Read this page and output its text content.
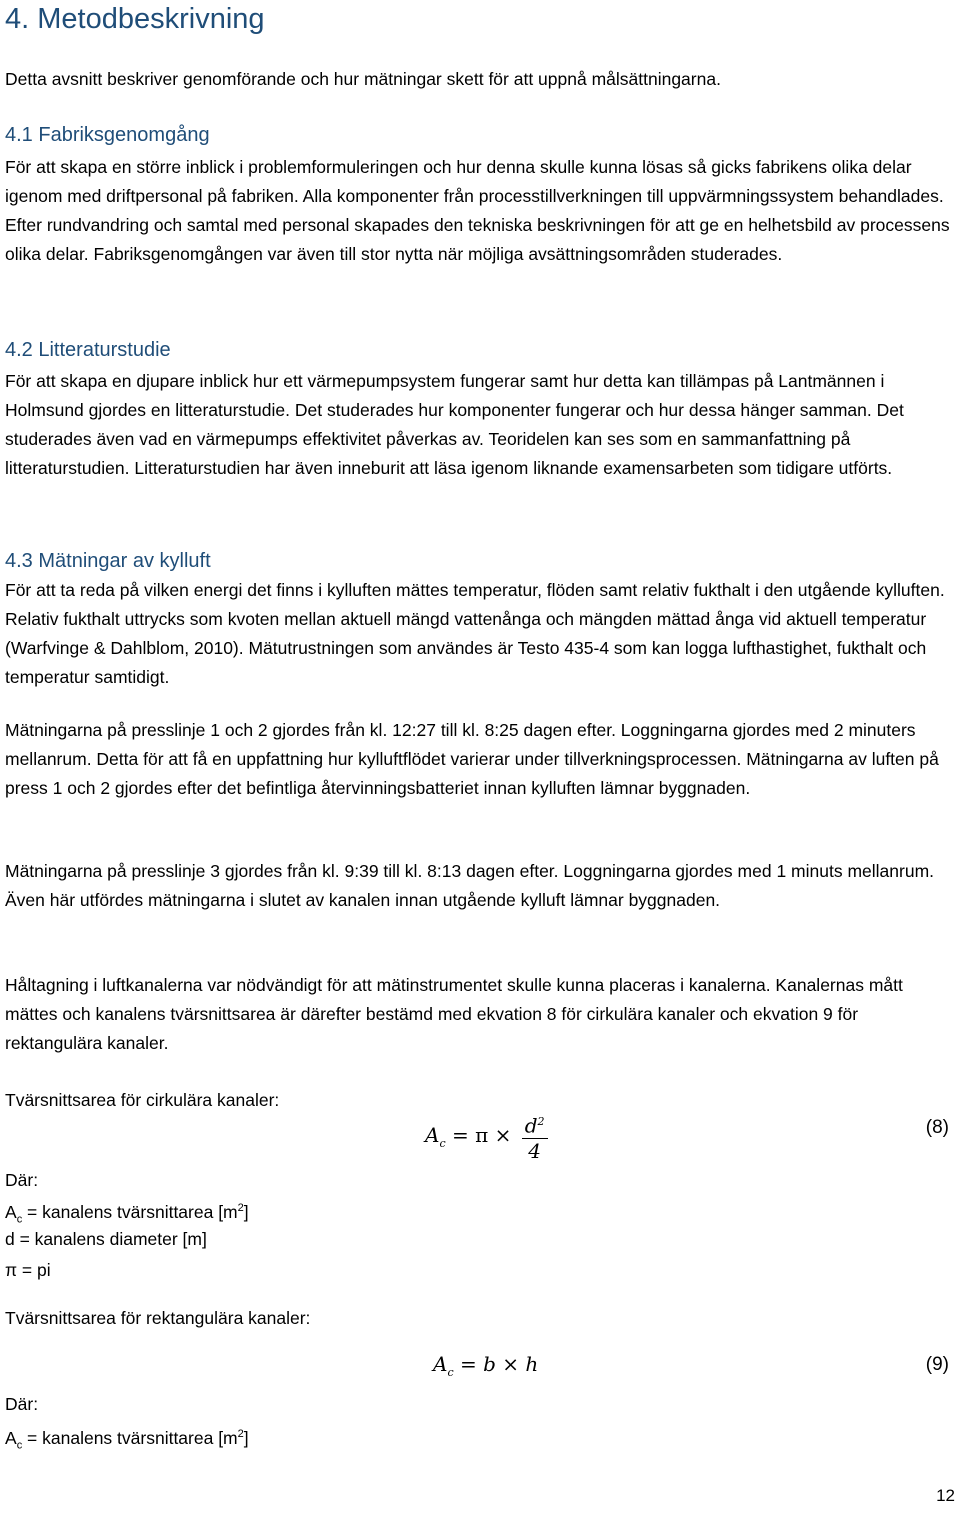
4. Metodbeskrivning

Detta avsnitt beskriver genomförande och hur mätningar skett för att uppnå målsättningarna.

4.1 Fabriksgenomgång

För att skapa en större inblick i problemformuleringen och hur denna skulle kunna lösas så gicks fabrikens olika delar igenom med driftpersonal på fabriken. Alla komponenter från processtillverkningen till uppvärmningssystem behandlades. Efter rundvandring och samtal med personal skapades den tekniska beskrivningen för att ge en helhetsbild av processens olika delar. Fabriksgenomgången var även till stor nytta när möjliga avsättningsområden studerades.

4.2 Litteraturstudie

För att skapa en djupare inblick hur ett värmepumpsystem fungerar samt hur detta kan tillämpas på Lantmännen i Holmsund gjordes en litteraturstudie. Det studerades hur komponenter fungerar och hur dessa hänger samman. Det studerades även vad en värmepumps effektivitet påverkas av. Teoridelen kan ses som en sammanfattning på litteraturstudien. Litteraturstudien har även inneburit att läsa igenom liknande examensarbeten som tidigare utförts.

4.3 Mätningar av kylluft

För att ta reda på vilken energi det finns i kylluften mättes temperatur, flöden samt relativ fukthalt i den utgående kylluften. Relativ fukthalt uttrycks som kvoten mellan aktuell mängd vattenånga och mängden mättad ånga vid aktuell temperatur (Warfvinge & Dahlblom, 2010). Mätutrustningen som användes är Testo 435-4 som kan logga lufthastighet, fukthalt och temperatur samtidigt.

Mätningarna på presslinje 1 och 2 gjordes från kl. 12:27 till kl. 8:25 dagen efter. Loggningarna gjordes med 2 minuters mellanrum. Detta för att få en uppfattning hur kylluftflödet varierar under tillverkningsprocessen. Mätningarna av luften på press 1 och 2 gjordes efter det befintliga återvinningsbatteriet innan kylluften lämnar byggnaden.

Mätningarna på presslinje 3 gjordes från kl. 9:39 till kl. 8:13 dagen efter. Loggningarna gjordes med 1 minuts mellanrum. Även här utfördes mätningarna i slutet av kanalen innan utgående kylluft lämnar byggnaden.

Håltagning i luftkanalerna var nödvändigt för att mätinstrumentet skulle kunna placeras i kanalerna. Kanalernas mått mättes och kanalens tvärsnittsarea är därefter bestämd med ekvation 8 för cirkulära kanaler och ekvation 9 för rektangulära kanaler.

Tvärsnittsarea för cirkulära kanaler:

$A_c = \pi \times \frac{d^2}{4}$	(8)

Där:

$A_c$ = kanalens tvärsnittarea $[m^2]$

d = kanalens diameter [m]

π = pi

Tvärsnittsarea för rektangulära kanaler:

$A_c = b \times h$	(9)

Där:

$A_c$ = kanalens tvärsnittarea $[m^2]$

12
